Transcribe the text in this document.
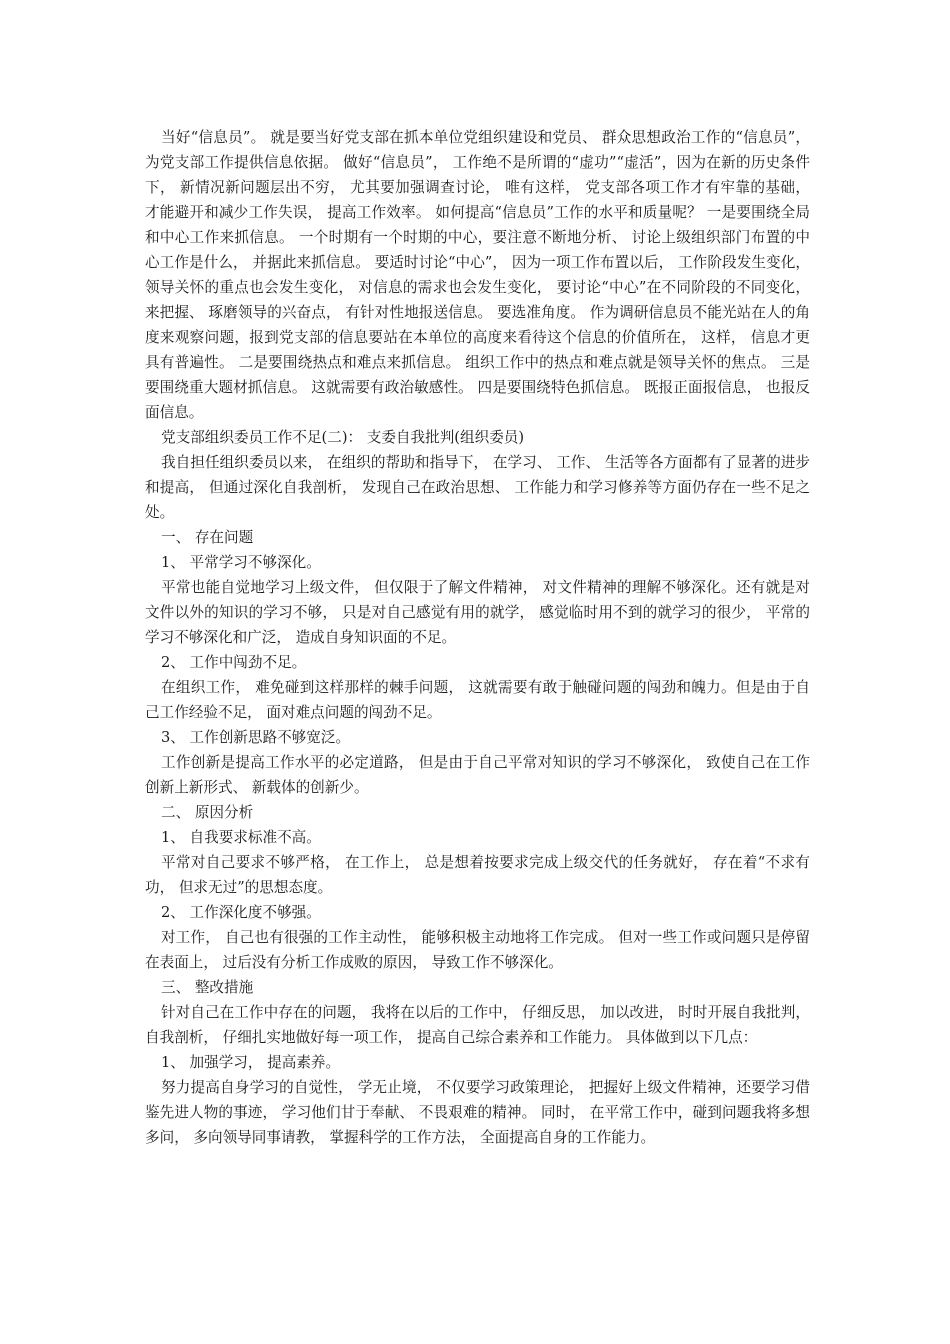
当好“信息员”。 就是要当好党支部在抓本单位党组织建设和党员、 群众思想政治工作的“信息员”， 为党支部工作提供信息依据。 做好“信息员”， 工作绝不是所谓的“虚功”“虚活”，因为在新的历史条件下， 新情况新问题层出不穷， 尤其要加强调查讨论， 唯有这样， 党支部各项工作才有牢靠的基础， 才能避开和减少工作失误， 提高工作效率。 如何提高“信息员”工作的水平和质量呢？ 一是要围绕全局和中心工作来抓信息。 一个时期有一个时期的中心，要注意不断地分析、 讨论上级组织部门布置的中心工作是什么， 并据此来抓信息。 要适时讨论“中心”， 因为一项工作布置以后， 工作阶段发生变化， 领导关怀的重点也会发生变化， 对信息的需求也会发生变化， 要讨论“中心”在不同阶段的不同变化， 来把握、 琢磨领导的兴奋点， 有针对性地报送信息。 要选准角度。 作为调研信息员不能光站在人的角度来观察问题，报到党支部的信息要站在本单位的高度来看待这个信息的价值所在， 这样， 信息才更具有普遍性。 二是要围绕热点和难点来抓信息。 组织工作中的热点和难点就是领导关怀的焦点。 三是要围绕重大题材抓信息。 这就需要有政治敏感性。 四是要围绕特色抓信息。 既报正面报信息， 也报反面信息。

党支部组织委员工作不足(二)： 支委自我批判(组织委员)

我自担任组织委员以来， 在组织的帮助和指导下， 在学习、 工作、 生活等各方面都有了显著的进步和提高， 但通过深化自我剖析， 发现自己在政治思想、 工作能力和学习修养等方面仍存在一些不足之处。

一、 存在问题

1、 平常学习不够深化。

平常也能自觉地学习上级文件， 但仅限于了解文件精神， 对文件精神的理解不够深化。还有就是对文件以外的知识的学习不够， 只是对自己感觉有用的就学， 感觉临时用不到的就学习的很少， 平常的学习不够深化和广泛， 造成自身知识面的不足。

2、 工作中闯劲不足。

在组织工作， 难免碰到这样那样的棘手问题， 这就需要有敢于触碰问题的闯劲和魄力。但是由于自己工作经验不足， 面对难点问题的闯劲不足。

3、 工作创新思路不够宽泛。

工作创新是提高工作水平的必定道路， 但是由于自己平常对知识的学习不够深化， 致使自己在工作创新上新形式、 新载体的创新少。

二、 原因分析

1、 自我要求标准不高。

平常对自己要求不够严格， 在工作上， 总是想着按要求完成上级交代的任务就好， 存在着“不求有功， 但求无过”的思想态度。

2、 工作深化度不够强。

对工作， 自己也有很强的工作主动性， 能够积极主动地将工作完成。 但对一些工作或问题只是停留在表面上， 过后没有分析工作成败的原因， 导致工作不够深化。

三、 整改措施

针对自己在工作中存在的问题， 我将在以后的工作中， 仔细反思， 加以改进， 时时开展自我批判， 自我剖析， 仔细扎实地做好每一项工作， 提高自己综合素养和工作能力。 具体做到以下几点：

1、 加强学习， 提高素养。

努力提高自身学习的自觉性， 学无止境， 不仅要学习政策理论， 把握好上级文件精神，还要学习借鉴先进人物的事迹， 学习他们甘于奉献、 不畏艰难的精神。 同时， 在平常工作中，碰到问题我将多想多问， 多向领导同事请教， 掌握科学的工作方法， 全面提高自身的工作能力。
